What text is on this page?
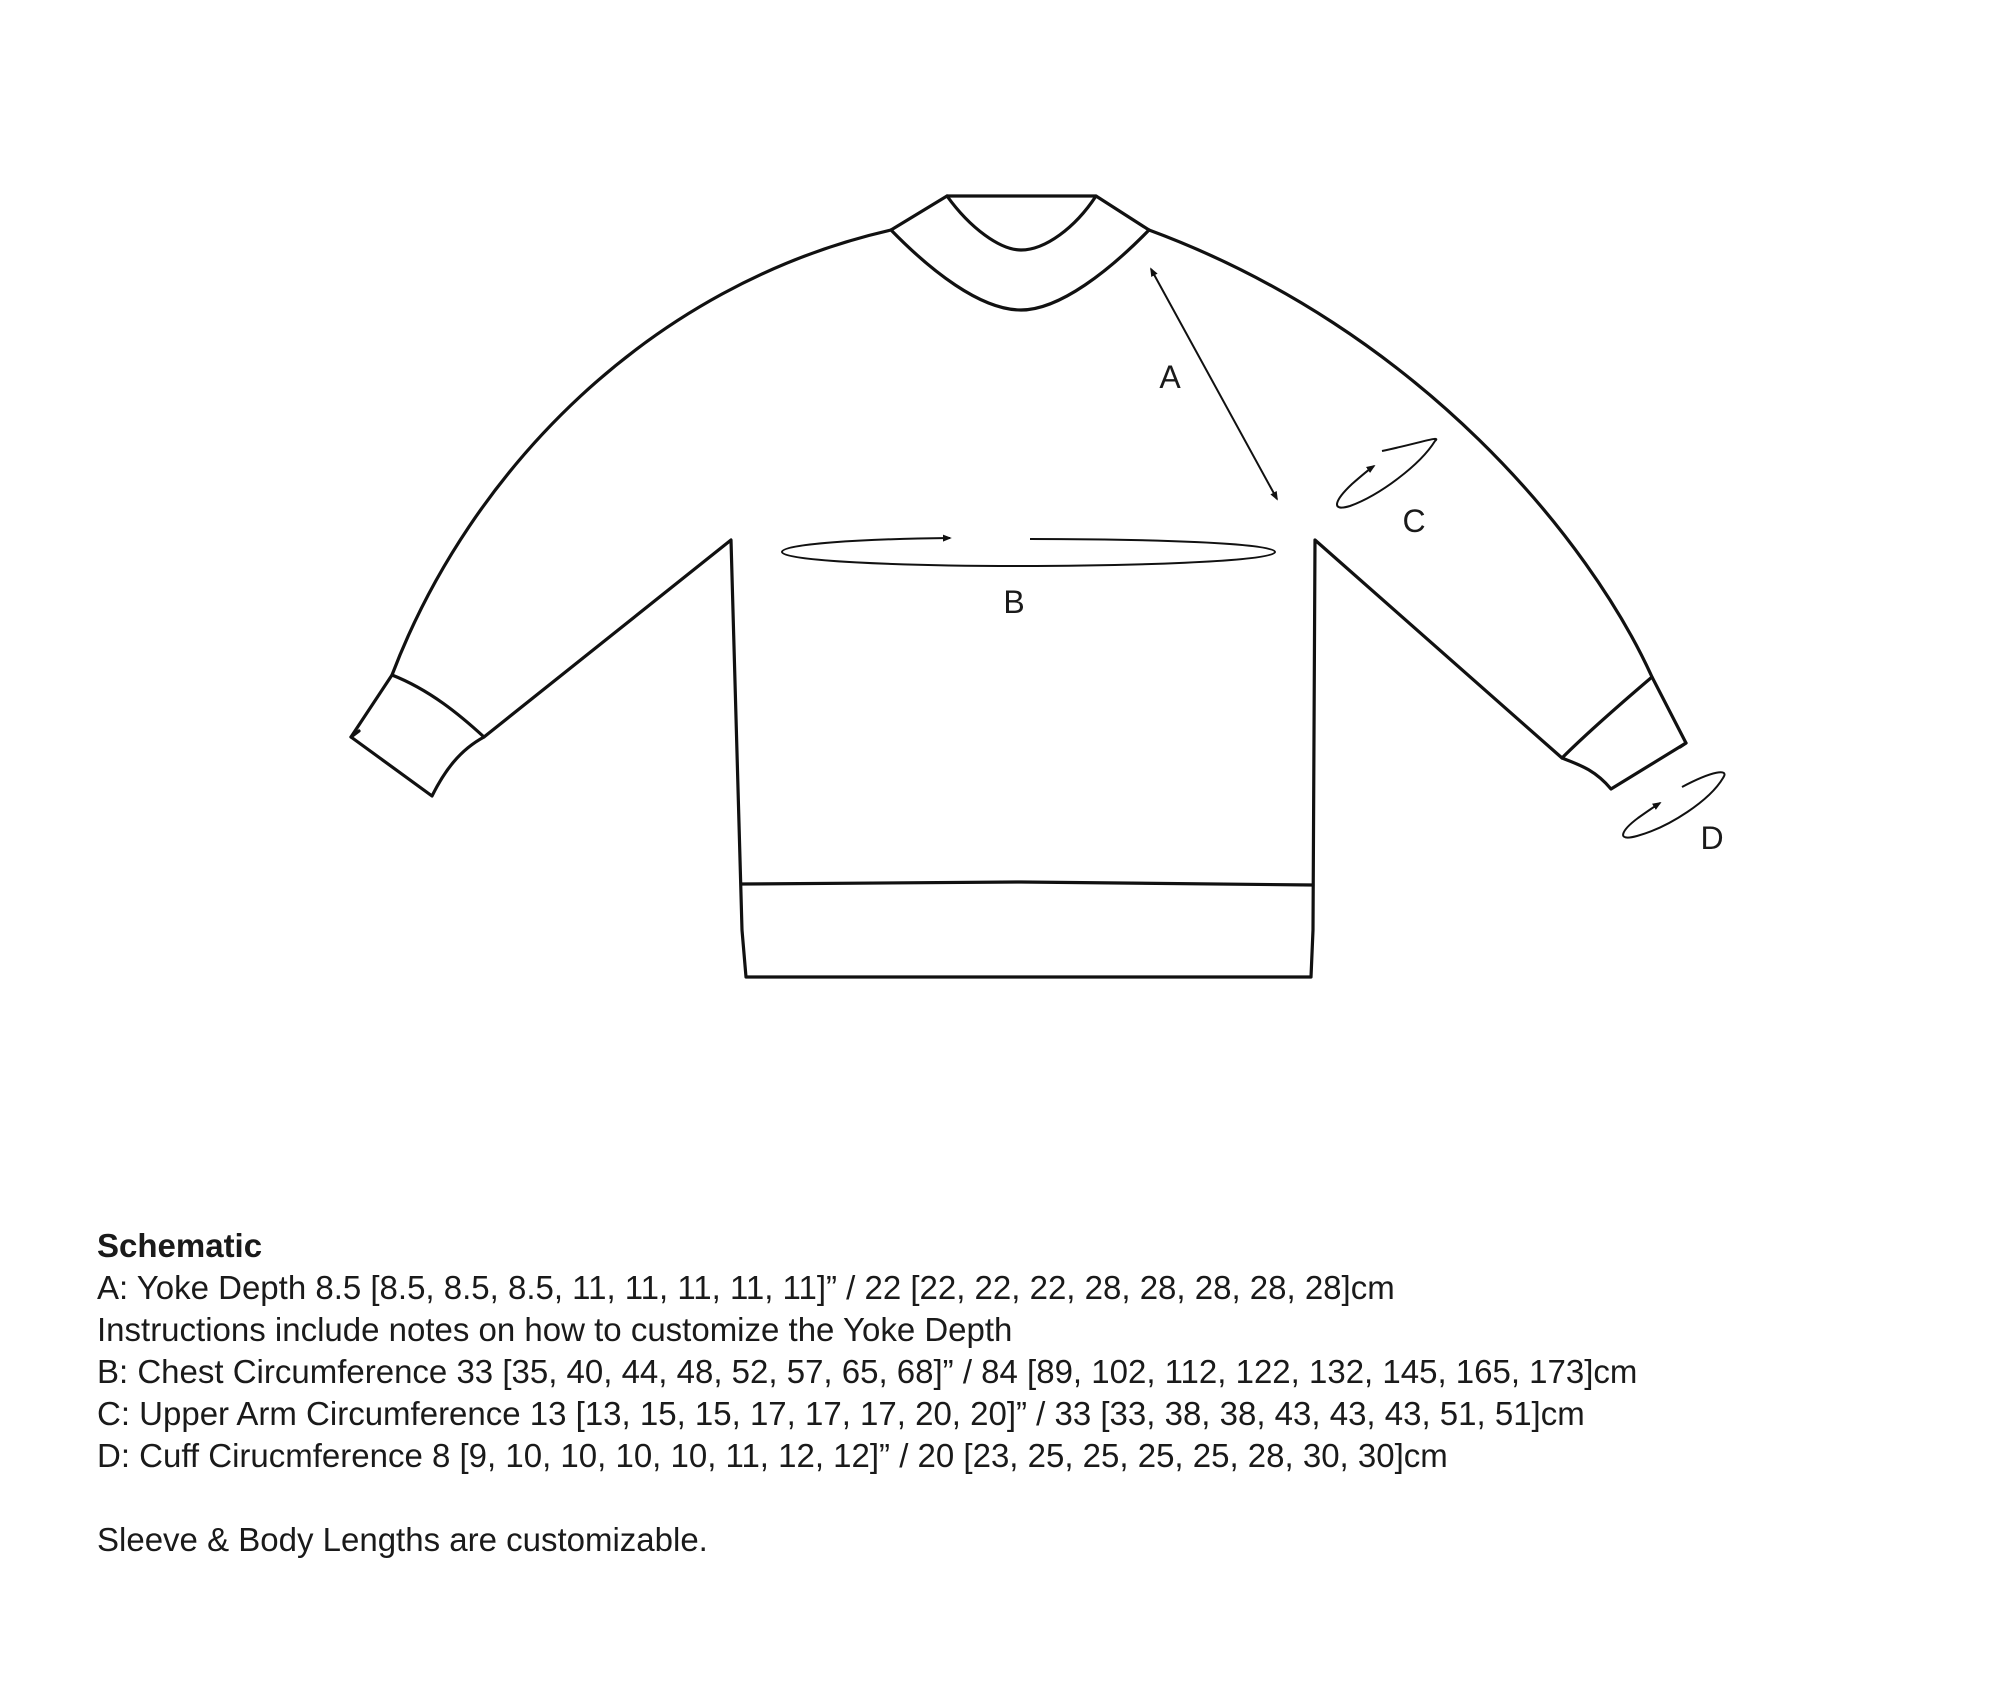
A
B
C
D
Schematic
A: Yoke Depth 8.5 [8.5, 8.5, 8.5, 11, 11, 11, 11, 11]” / 22 [22, 22, 22, 28, 28, 28, 28, 28]cm
Instructions include notes on how to customize the Yoke Depth
B: Chest Circumference 33 [35, 40, 44, 48, 52, 57, 65, 68]” / 84 [89, 102, 112, 122, 132, 145, 165, 173]cm
C: Upper Arm Circumference 13 [13, 15, 15, 17, 17, 17, 20, 20]” / 33 [33, 38, 38, 43, 43, 43, 51, 51]cm
D: Cuff Cirucmference 8 [9, 10, 10, 10, 10, 11, 12, 12]” / 20 [23, 25, 25, 25, 25, 28, 30, 30]cm
Sleeve & Body Lengths are customizable.
